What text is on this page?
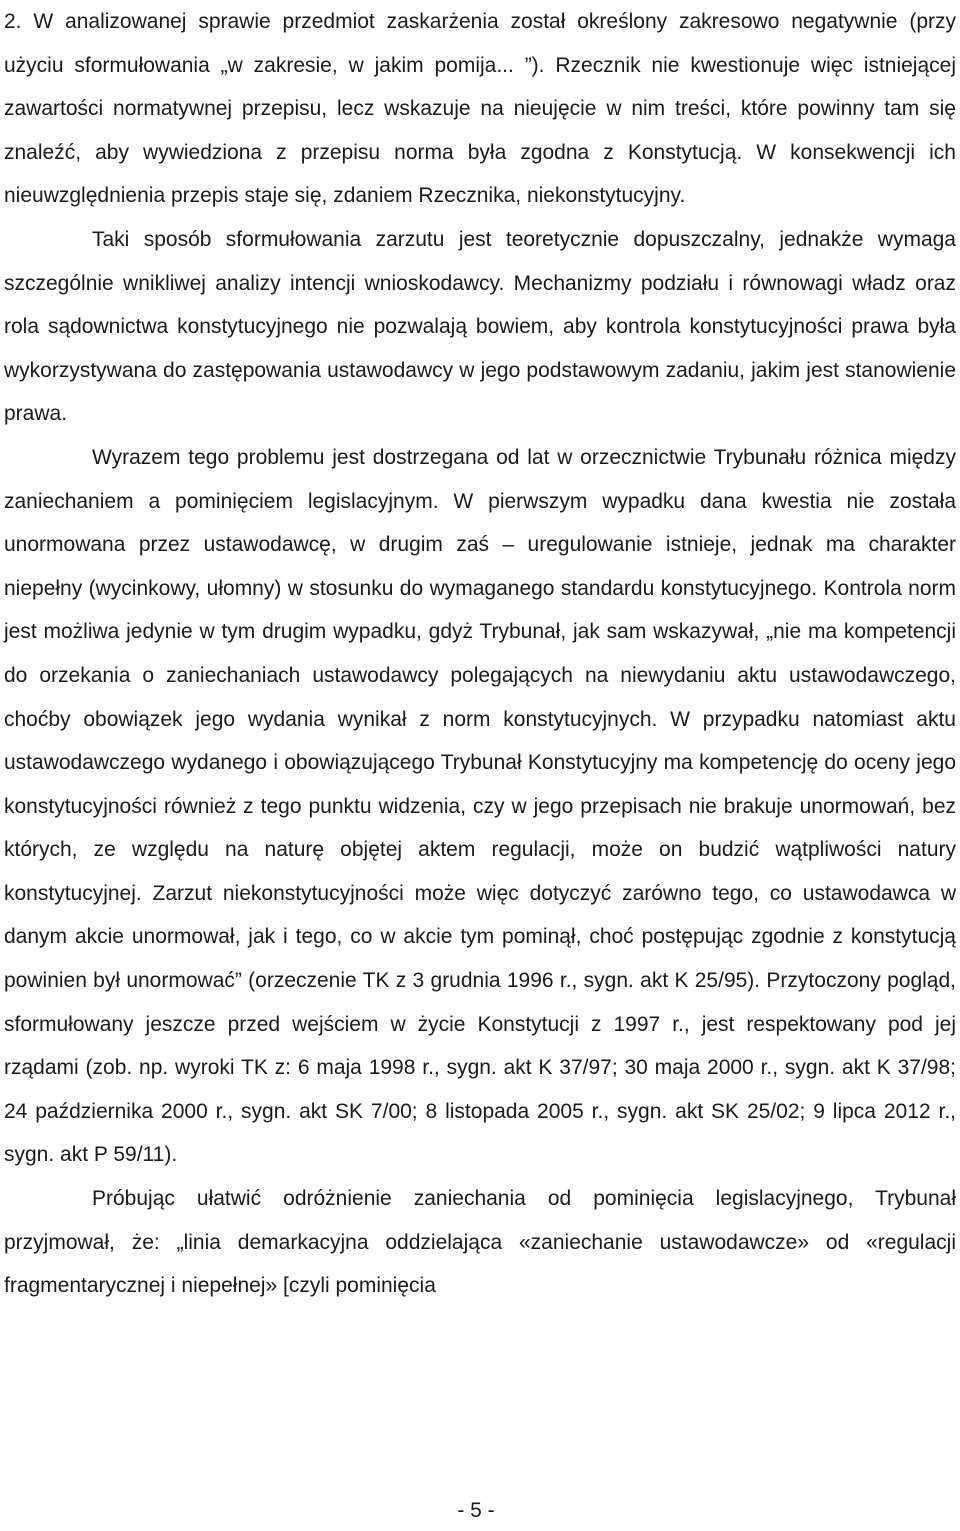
2. W analizowanej sprawie przedmiot zaskarżenia został określony zakresowo negatywnie (przy użyciu sformułowania „w zakresie, w jakim pomija... ”). Rzecznik nie kwestionuje więc istniejącej zawartości normatywnej przepisu, lecz wskazuje na nieujęcie w nim treści, które powinny tam się znaleźć, aby wywiedziona z przepisu norma była zgodna z Konstytucją. W konsekwencji ich nieuwzględnienia przepis staje się, zdaniem Rzecznika, niekonstytucyjny.

Taki sposób sformułowania zarzutu jest teoretycznie dopuszczalny, jednakże wymaga szczególnie wnikliwej analizy intencji wnioskodawcy. Mechanizmy podziału i równowagi władz oraz rola sądownictwa konstytucyjnego nie pozwalają bowiem, aby kontrola konstytucyjności prawa była wykorzystywana do zastępowania ustawodawcy w jego podstawowym zadaniu, jakim jest stanowienie prawa.

Wyrazem tego problemu jest dostrzegana od lat w orzecznictwie Trybunału różnica między zaniechaniem a pominięciem legislacyjnym. W pierwszym wypadku dana kwestia nie została unormowana przez ustawodawcę, w drugim zaś – uregulowanie istnieje, jednak ma charakter niepełny (wycinkowy, ułomny) w stosunku do wymaganego standardu konstytucyjnego. Kontrola norm jest możliwa jedynie w tym drugim wypadku, gdyż Trybunał, jak sam wskazywał, „nie ma kompetencji do orzekania o zaniechaniach ustawodawcy polegających na niewydaniu aktu ustawodawczego, choćby obowiązek jego wydania wynikał z norm konstytucyjnych. W przypadku natomiast aktu ustawodawczego wydanego i obowiązującego Trybunał Konstytucyjny ma kompetencję do oceny jego konstytucyjności również z tego punktu widzenia, czy w jego przepisach nie brakuje unormowań, bez których, ze względu na naturę objętej aktem regulacji, może on budzić wątpliwości natury konstytucyjnej. Zarzut niekonstytucyjności może więc dotyczyć zarówno tego, co ustawodawca w danym akcie unormował, jak i tego, co w akcie tym pominął, choć postępując zgodnie z konstytucją powinien był unormować” (orzeczenie TK z 3 grudnia 1996 r., sygn. akt K 25/95). Przytoczony pogląd, sformułowany jeszcze przed wejściem w życie Konstytucji z 1997 r., jest respektowany pod jej rządami (zob. np. wyroki TK z: 6 maja 1998 r., sygn. akt K 37/97; 30 maja 2000 r., sygn. akt K 37/98; 24 października 2000 r., sygn. akt SK 7/00; 8 listopada 2005 r., sygn. akt SK 25/02; 9 lipca 2012 r., sygn. akt P 59/11).

Próbując ułatwić odróżnienie zaniechania od pominięcia legislacyjnego, Trybunał przyjmował, że: „linia demarkacyjna oddzielająca «zaniechanie ustawodawcze» od «regulacji fragmentarycznej i niepełnej» [czyli pominięcia

- 5 -
